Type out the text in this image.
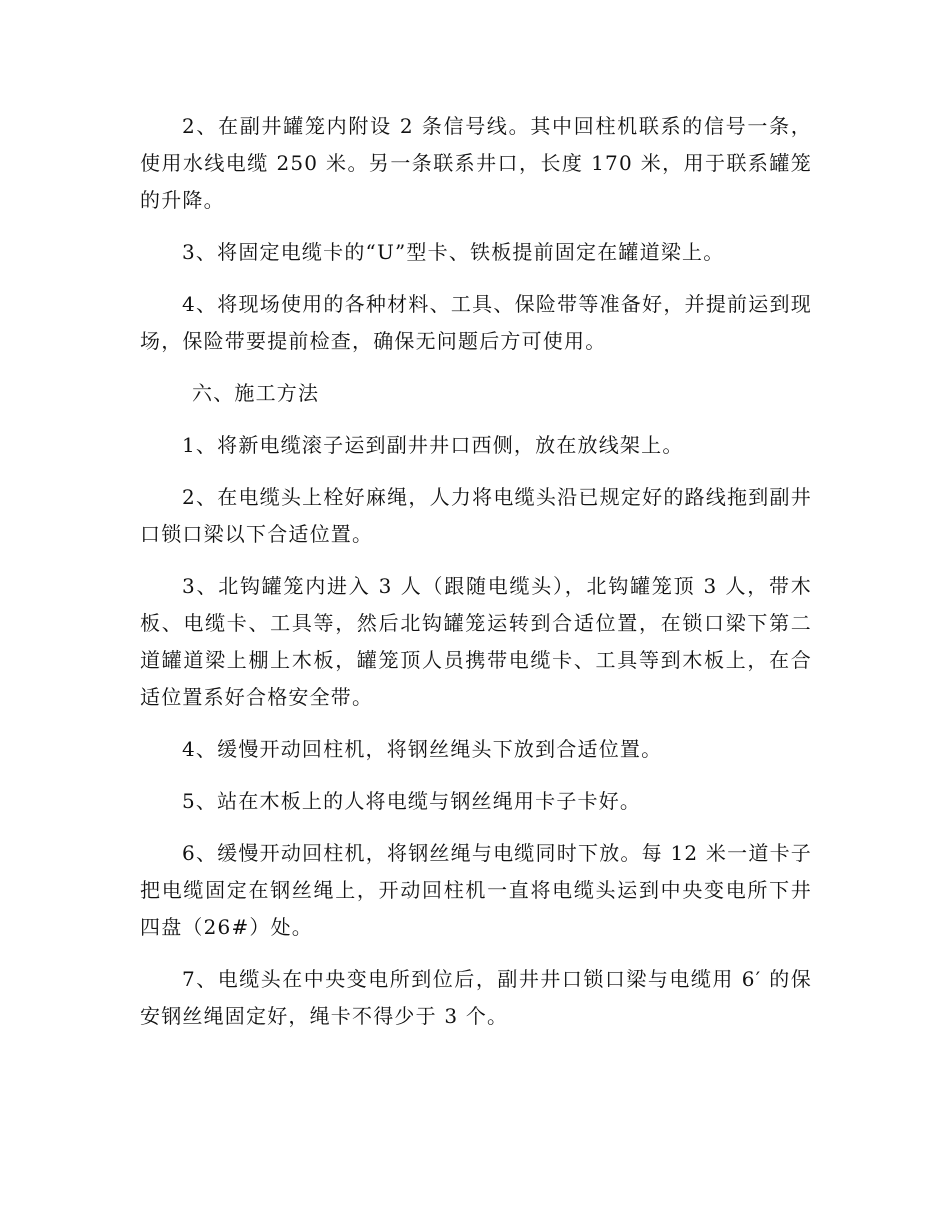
2、在副井罐笼内附设 2 条信号线。其中回柱机联系的信号一条，使用水线电缆 250 米。另一条联系井口，长度 170 米，用于联系罐笼的升降。

3、将固定电缆卡的“U”型卡、铁板提前固定在罐道梁上。

4、将现场使用的各种材料、工具、保险带等准备好，并提前运到现场，保险带要提前检查，确保无问题后方可使用。

六、施工方法

1、将新电缆滚子运到副井井口西侧，放在放线架上。

2、在电缆头上栓好麻绳，人力将电缆头沿已规定好的路线拖到副井口锁口梁以下合适位置。

3、北钩罐笼内进入 3 人（跟随电缆头），北钩罐笼顶 3 人，带木板、电缆卡、工具等，然后北钩罐笼运转到合适位置，在锁口梁下第二道罐道梁上棚上木板，罐笼顶人员携带电缆卡、工具等到木板上，在合适位置系好合格安全带。

4、缓慢开动回柱机，将钢丝绳头下放到合适位置。

5、站在木板上的人将电缆与钢丝绳用卡子卡好。

6、缓慢开动回柱机，将钢丝绳与电缆同时下放。每 12 米一道卡子把电缆固定在钢丝绳上，开动回柱机一直将电缆头运到中央变电所下井四盘（26#）处。

7、电缆头在中央变电所到位后，副井井口锁口梁与电缆用 6′ 的保安钢丝绳固定好，绳卡不得少于 3 个。
